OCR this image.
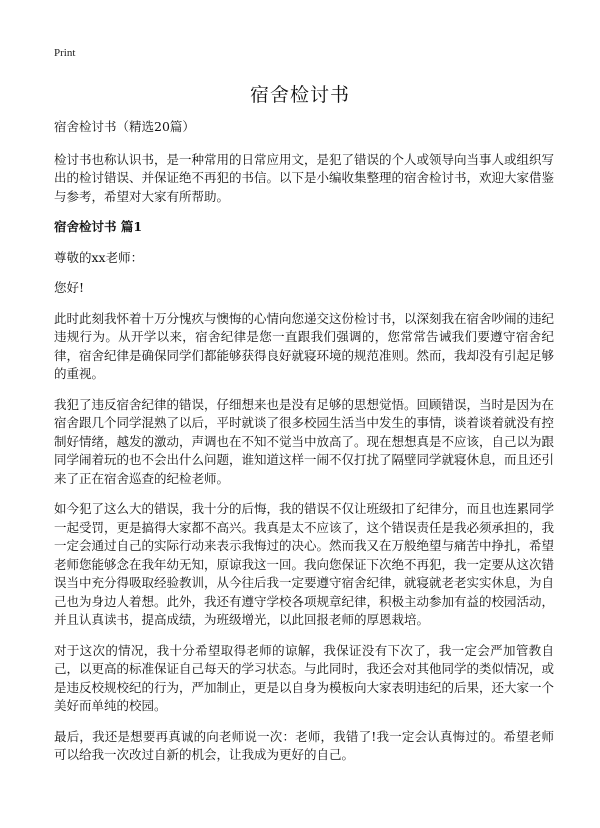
Print
宿舍检讨书

宿舍检讨书（精选20篇）

检讨书也称认识书，是一种常用的日常应用文，是犯了错误的个人或领导向当事人或组织写出的检讨错误、并保证绝不再犯的书信。以下是小编收集整理的宿舍检讨书，欢迎大家借鉴与参考，希望对大家有所帮助。

宿舍检讨书 篇1

尊敬的xx老师：

您好!

此时此刻我怀着十万分愧疚与懊悔的心情向您递交这份检讨书，以深刻我在宿舍吵闹的违纪违规行为。从开学以来，宿舍纪律是您一直跟我们强调的，您常常告诫我们要遵守宿舍纪律，宿舍纪律是确保同学们都能够获得良好就寝环境的规范准则。然而，我却没有引起足够的重视。

我犯了违反宿舍纪律的错误，仔细想来也是没有足够的思想觉悟。回顾错误，当时是因为在宿舍跟几个同学混熟了以后，平时就谈了很多校园生活当中发生的事情，谈着谈着就没有控制好情绪，越发的激动，声调也在不知不觉当中放高了。现在想想真是不应该，自己以为跟同学闹着玩的也不会出什么问题，谁知道这样一闹不仅打扰了隔壁同学就寝休息，而且还引来了正在宿舍巡查的纪检老师。

如今犯了这么大的错误，我十分的后悔，我的错误不仅让班级扣了纪律分，而且也连累同学一起受罚，更是搞得大家都不高兴。我真是太不应该了，这个错误责任是我必须承担的，我一定会通过自己的实际行动来表示我悔过的决心。然而我又在万般绝望与痛苦中挣扎，希望老师您能够念在我年幼无知，原谅我这一回。我向您保证下次绝不再犯，我一定要从这次错误当中充分得吸取经验教训，从今往后我一定要遵守宿舍纪律，就寝就老老实实休息，为自己也为身边人着想。此外，我还有遵守学校各项规章纪律，积极主动参加有益的校园活动，并且认真读书，提高成绩，为班级增光，以此回报老师的厚恩栽培。

对于这次的情况，我十分希望取得老师的谅解，我保证没有下次了，我一定会严加管教自己，以更高的标准保证自己每天的学习状态。与此同时，我还会对其他同学的类似情况，或是违反校规校纪的行为，严加制止，更是以自身为模板向大家表明违纪的后果，还大家一个美好而单纯的校园。

最后，我还是想要再真诚的向老师说一次：老师，我错了!我一定会认真悔过的。希望老师可以给我一次改过自新的机会，让我成为更好的自己。
